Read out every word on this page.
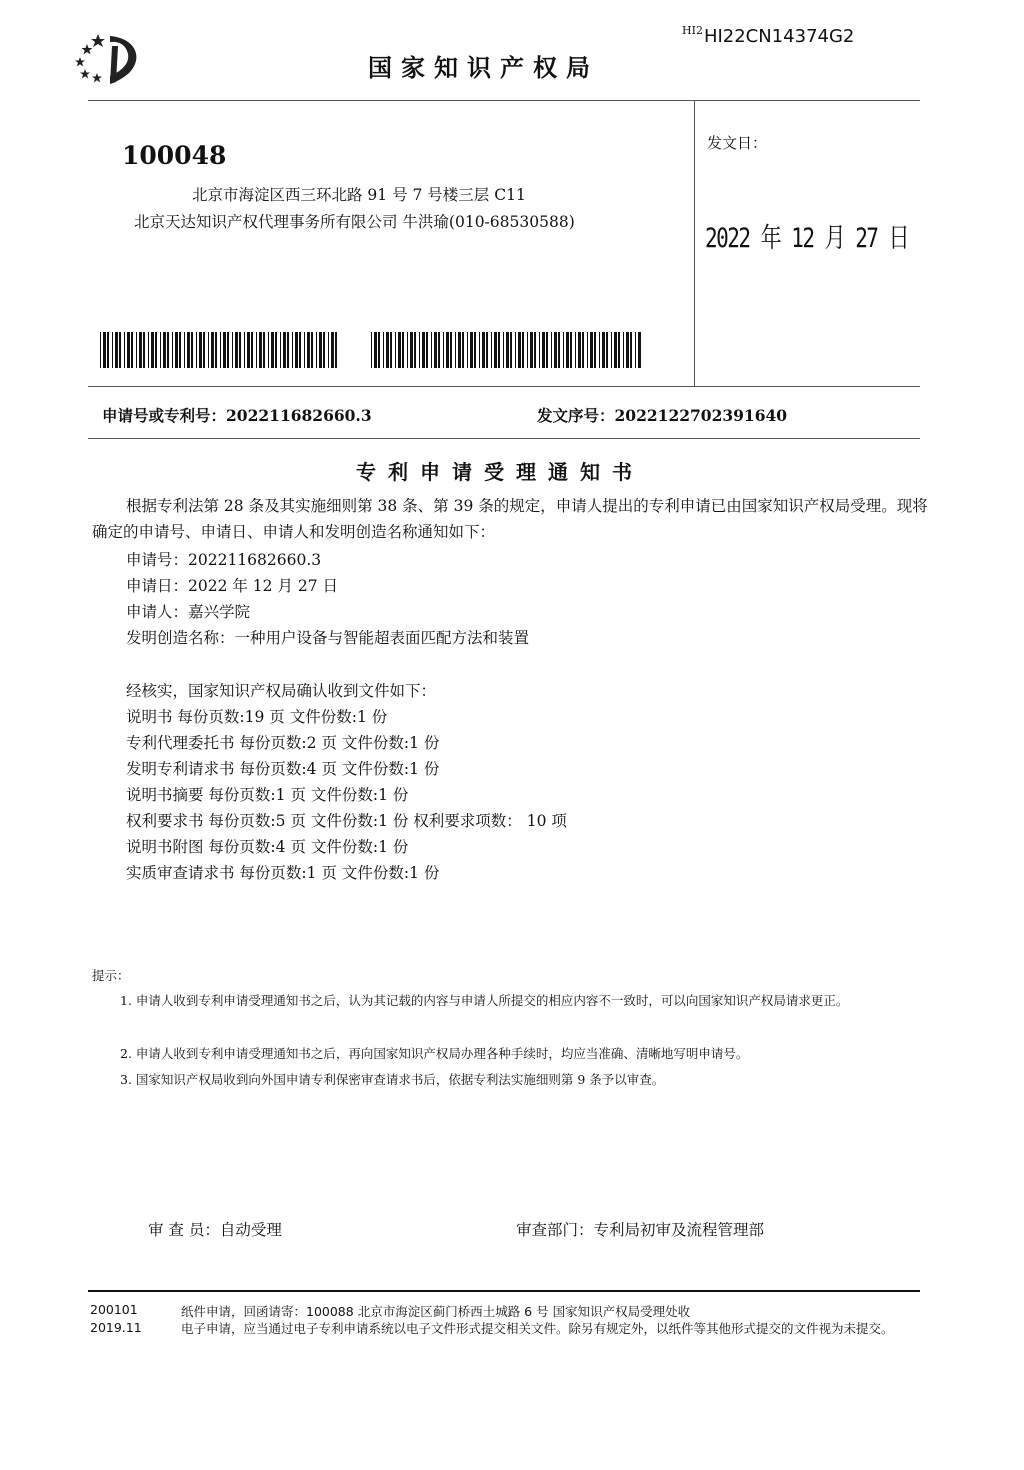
国家知识产权局
$^{HI2}$HI22CN14374G2
100048
北京市海淀区西三环北路 91 号 7 号楼三层 C11
北京天达知识产权代理事务所有限公司 牛洪瑜(010-68530588)
发文日：
2022 年 12 月 27 日
申请号或专利号：202211682660.3	发文序号：2022122702391640
专利申请受理通知书
根据专利法第 28 条及其实施细则第 38 条、第 39 条的规定，申请人提出的专利申请已由国家知识产权局受理。现将确定的申请号、申请日、申请人和发明创造名称通知如下：
申请号：202211682660.3
申请日：2022 年 12 月 27 日
申请人：嘉兴学院
发明创造名称：一种用户设备与智能超表面匹配方法和装置
经核实，国家知识产权局确认收到文件如下：
说明书 每份页数:19 页 文件份数:1 份
专利代理委托书 每份页数:2 页 文件份数:1 份
发明专利请求书 每份页数:4 页 文件份数:1 份
说明书摘要 每份页数:1 页 文件份数:1 份
权利要求书 每份页数:5 页 文件份数:1 份 权利要求项数： 10 项
说明书附图 每份页数:4 页 文件份数:1 份
实质审查请求书 每份页数:1 页 文件份数:1 份
提示：
1. 申请人收到专利申请受理通知书之后，认为其记载的内容与申请人所提交的相应内容不一致时，可以向国家知识产权局请求更正。
2. 申请人收到专利申请受理通知书之后，再向国家知识产权局办理各种手续时，均应当准确、清晰地写明申请号。
3. 国家知识产权局收到向外国申请专利保密审查请求书后，依据专利法实施细则第 9 条予以审查。
审 查 员：自动受理	审查部门：专利局初审及流程管理部
200101
2019.11
纸件申请，回函请寄：100088 北京市海淀区蓟门桥西土城路 6 号 国家知识产权局受理处收
电子申请，应当通过电子专利申请系统以电子文件形式提交相关文件。除另有规定外，以纸件等其他形式提交的文件视为未提交。
